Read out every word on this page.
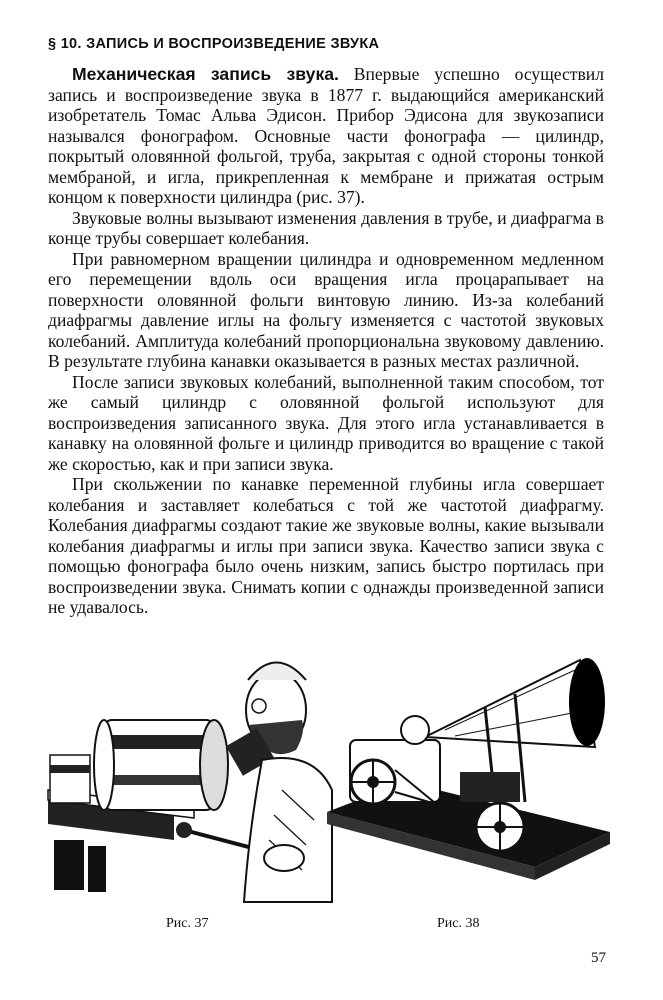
§ 10. ЗАПИСЬ И ВОСПРОИЗВЕДЕНИЕ ЗВУКА

Механическая запись звука. Впервые успешно осуществил запись и воспроизведение звука в 1877 г. выдающийся американский изобретатель Томас Альва Эдисон. Прибор Эдисона для звукозаписи назывался фонографом. Основные части фонографа — цилиндр, покрытый оловянной фольгой, труба, закрытая с одной стороны тонкой мембраной, и игла, прикрепленная к мембране и прижатая острым концом к поверхности цилиндра (рис. 37).

Звуковые волны вызывают изменения давления в трубе, и диафрагма в конце трубы совершает колебания.

При равномерном вращении цилиндра и одновременном медленном его перемещении вдоль оси вращения игла процарапывает на поверхности оловянной фольги винтовую линию. Из-за колебаний диафрагмы давление иглы на фольгу изменяется с частотой звуковых колебаний. Амплитуда колебаний пропорциональна звуковому давлению. В результате глубина канавки оказывается в разных местах различной.

После записи звуковых колебаний, выполненной таким способом, тот же самый цилиндр с оловянной фольгой используют для воспроизведения записанного звука. Для этого игла устанавливается в канавку на оловянной фольге и цилиндр приводится во вращение с такой же скоростью, как и при записи звука.

При скольжении по канавке переменной глубины игла совершает колебания и заставляет колебаться с той же частотой диафрагму. Колебания диафрагмы создают такие же звуковые волны, какие вызывали колебания диафрагмы и иглы при записи звука. Качество записи звука с помощью фонографа было очень низким, запись быстро портилась при воспроизведении звука. Снимать копии с однажды произведенной записи не удавалось.

Рис. 37	Рис. 38
57
